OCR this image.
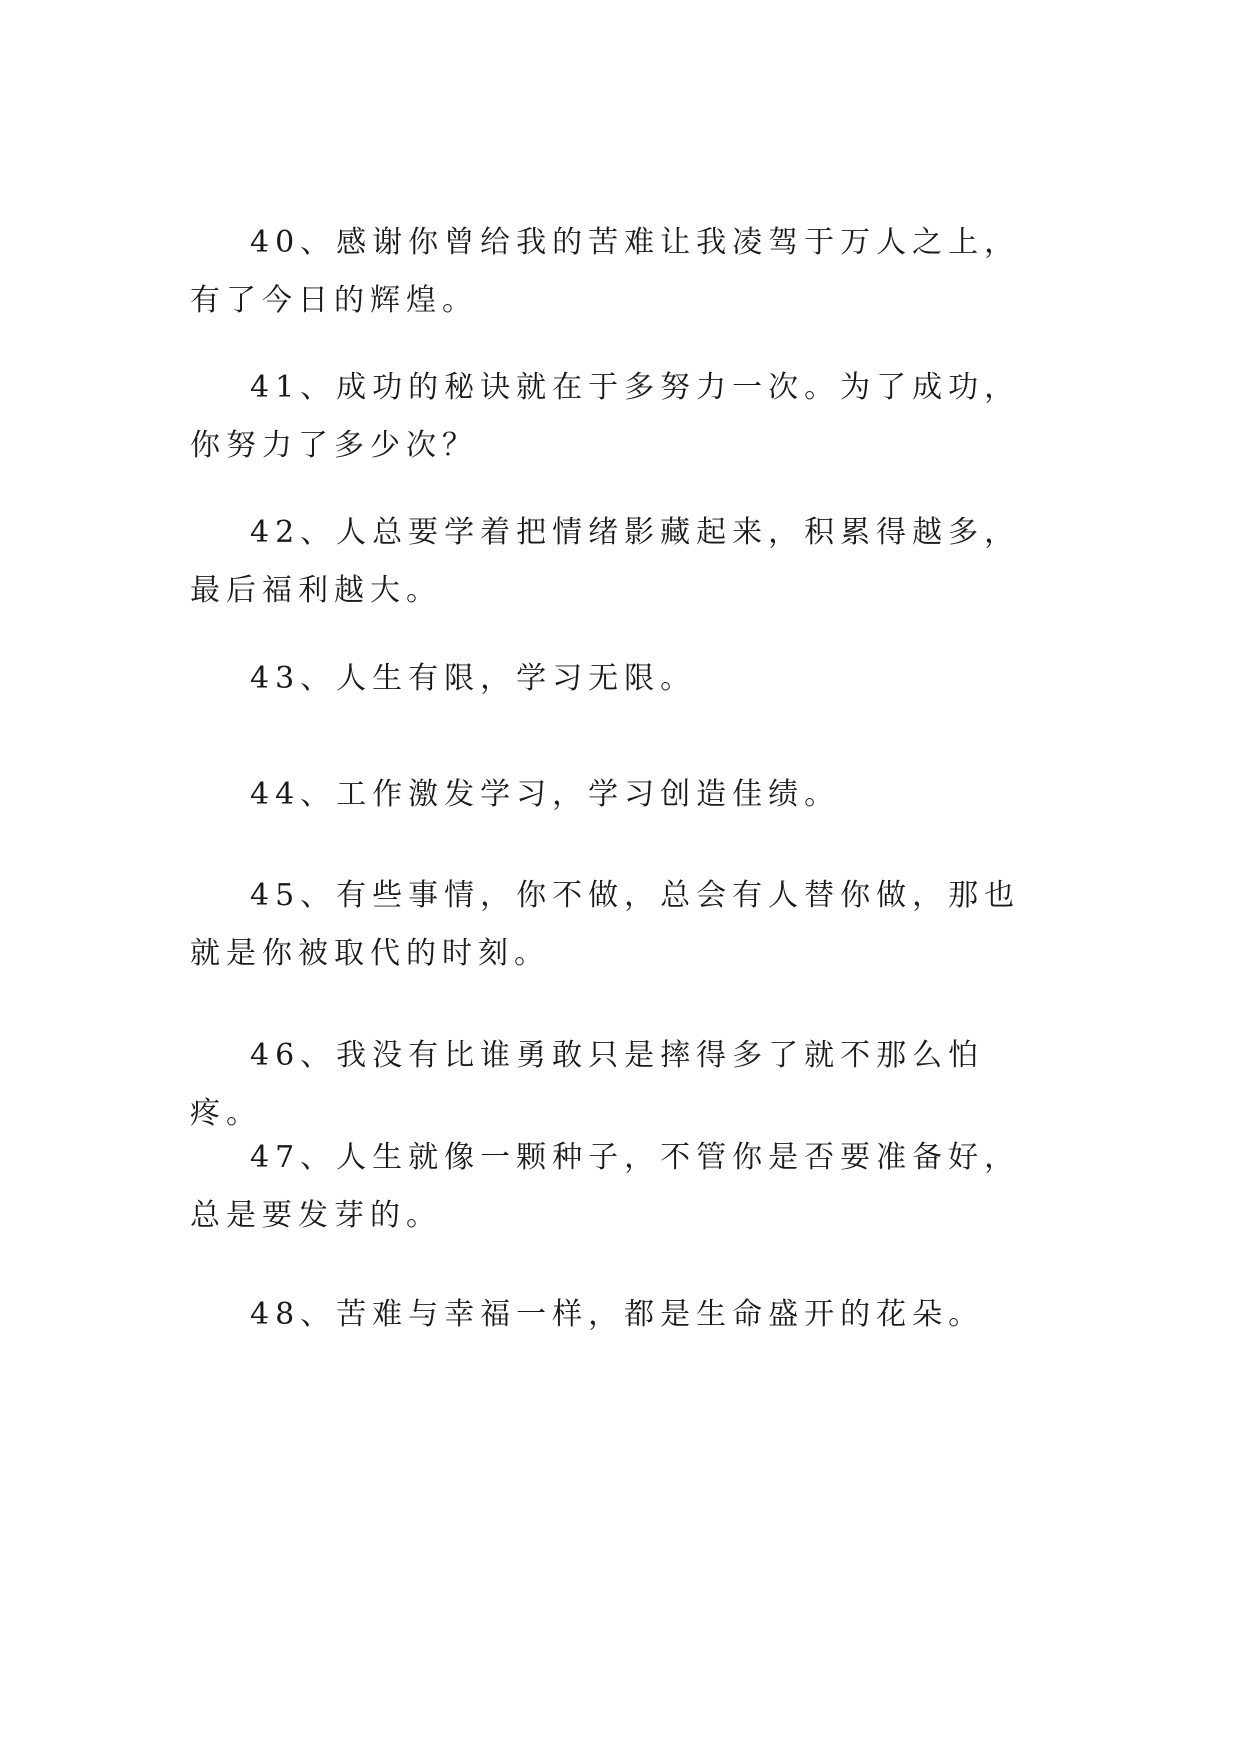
40、感谢你曾给我的苦难让我凌驾于万人之上，有了今日的辉煌。

41、成功的秘诀就在于多努力一次。为了成功，你努力了多少次？

42、人总要学着把情绪影藏起来，积累得越多，最后福利越大。

43、人生有限，学习无限。

44、工作激发学习，学习创造佳绩。

45、有些事情，你不做，总会有人替你做，那也就是你被取代的时刻。

46、我没有比谁勇敢只是摔得多了就不那么怕疼。

47、人生就像一颗种子，不管你是否要准备好，总是要发芽的。

48、苦难与幸福一样，都是生命盛开的花朵。
